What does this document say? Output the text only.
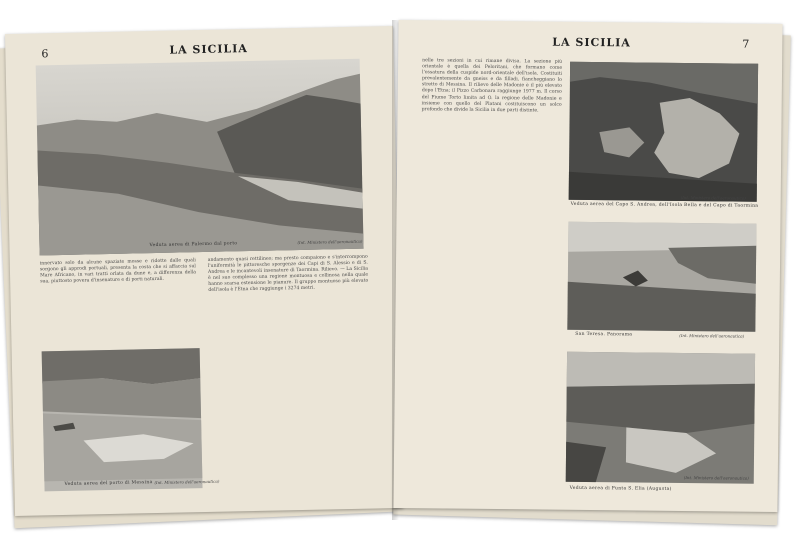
6	LA SICILIA
Veduta aerea di Palermo dal porto	(Int. Ministero dell'aeronautica)

innervato solo da alcune spaziate mosse e ridotte dalle quali sorgono gli approdi portuali, presenta la costa che si affaccia sul Mare Africano, in vari tratti orlata da dune e, a differenza della sua, piuttosto povera d'insenature e di porti naturali.

Veduta aerea del porto di Messina (Int. Ministero dell'aeronautica)

andamento quasi rettilineo; ma presto compaiono e s'interrompono l'uniformità le pittoresche sporgenze dei Capi di S. Alessio e di S. Andrea e le incantevoli insenature di Taormina. Rilievo. — La Sicilia è nel suo complesso una regione montuosa e collinosa nella quale hanno scarsa estensione le pianure. Il gruppo montuoso più elevato dell'isola è l'Etna che raggiunge i 3274 metri.

LA SICILIA	7

nelle tre sezioni in cui rimane divisa. La sezione più orientale è quella dei Peloritani, che formano come l'ossatura della cuspide nord-orientale dell'isola. Costituiti prevalentemente da gneiss e da filladi, fiancheggiano lo stretto di Messina. Il rilievo delle Madonie è il più elevato dopo l'Etna; il Pizzo Carbonara raggiunge 1977 m. Il corso del Fiume Torto limita ad O. la regione delle Madonie e insieme con quello del Platani costituiscono un solco profondo che divide la Sicilia in due parti distinte.

Veduta aerea del Capo S. Andrea, dell'Isola Bella e del Capo di Taormina
(Int. Ministero dell'aeronautica)
San Teresa. Panorama	(Int. Ministero dell'aeronautica)
Veduta aerea di Punta S. Elia (Augusta)
(Int. Ministero dell'aeronautica)
